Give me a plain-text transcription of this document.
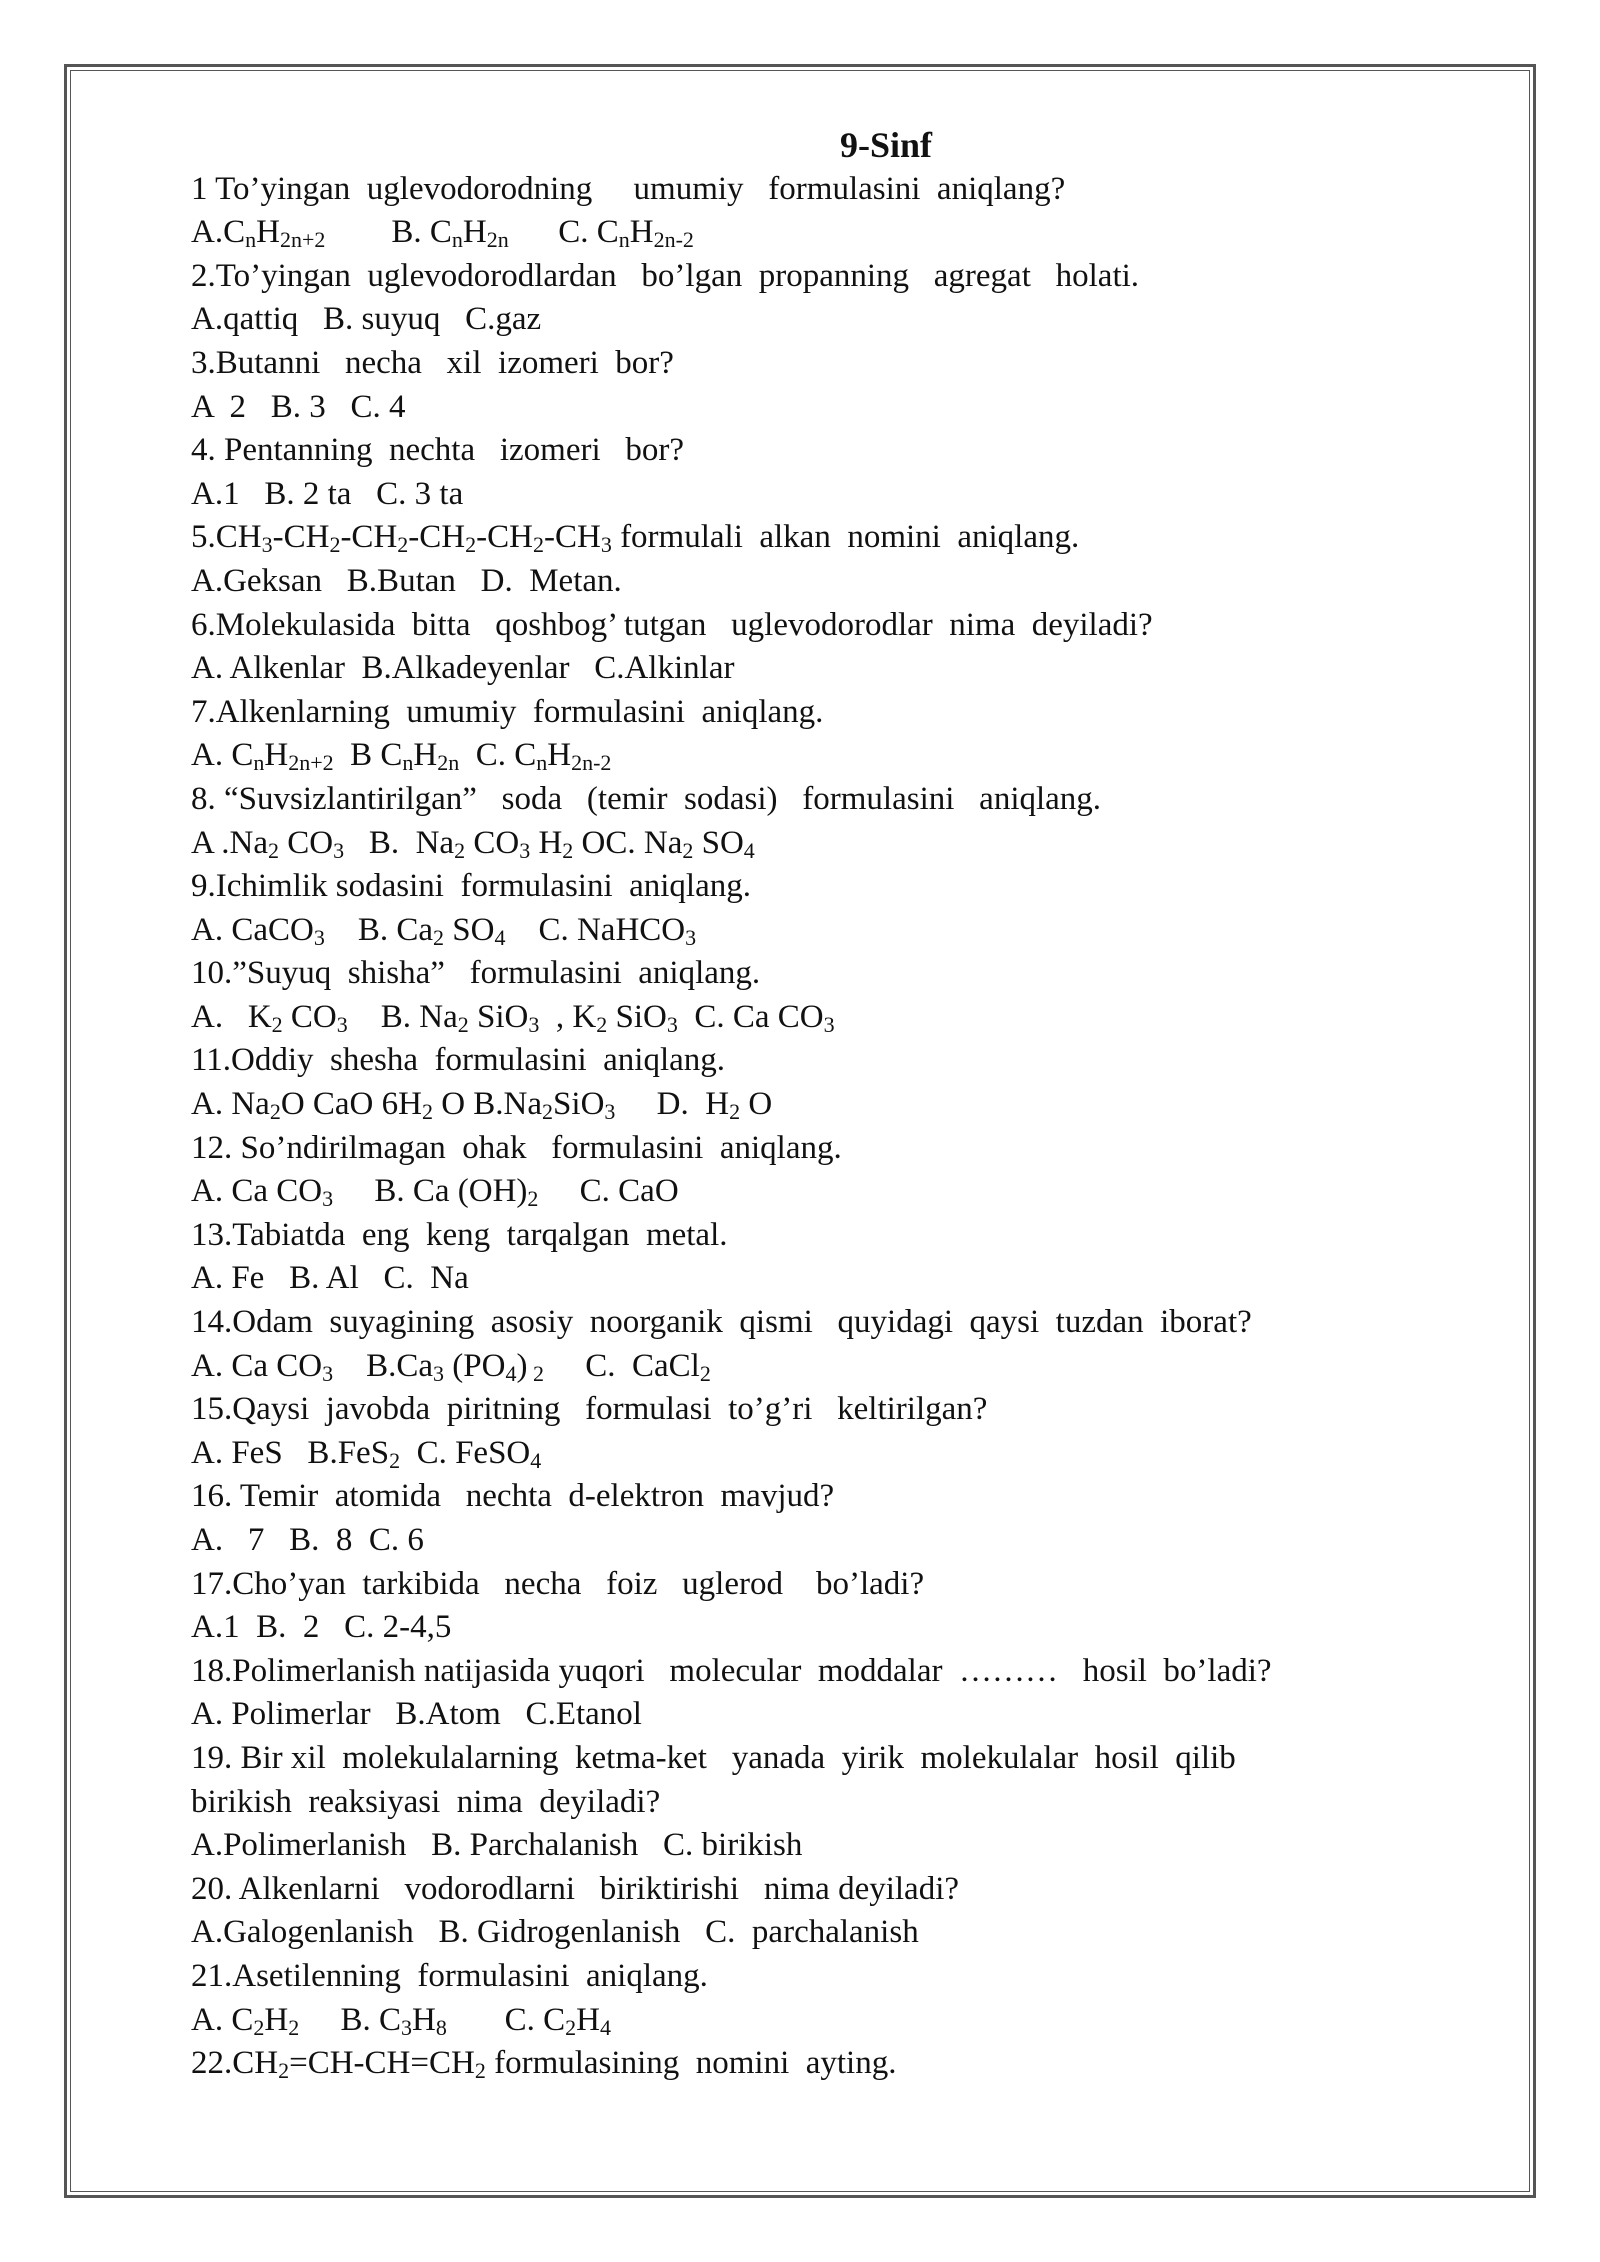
9-Sinf
1 To’yingan  uglevodorodning     umumiy   formulasini  aniqlang?
$A.C_nH_{2n+2}$        B. $C_nH_{2n}$      C. $C_nH_{2n-2}$
2.To’yingan  uglevodorodlardan   bo’lgan  propanning   agregat   holati.
A.qattiq   B. suyuq   C.gaz
3.Butanni   necha   xil  izomeri  bor?
A  2   B. 3   C. 4
4. Pentanning  nechta   izomeri   bor?
A.1   B. 2 ta   C. 3 ta
$5.CH_3-CH_2-CH_2-CH_2-CH_2-CH_3$ formulali  alkan  nomini  aniqlang.
A.Geksan   B.Butan   D.  Metan.
6.Molekulasida  bitta   qoshbog’ tutgan   uglevodorodlar  nima  deyiladi?
A. Alkenlar  B.Alkadeyenlar   C.Alkinlar
7.Alkenlarning  umumiy  formulasini  aniqlang.
A. $C_nH_{2n+2}$  B $C_nH_{2n}$  C. $C_nH_{2n-2}$
8. “Suvsizlantirilgan”   soda   (temir  sodasi)   formulasini   aniqlang.
A $.Na_2$ $CO_3$   B.  $Na_2$ $CO_3$ $H_2$ OC. $Na_2$ $SO_4$
9.Ichimlik sodasini  formulasini  aniqlang.
A. CaCO$_3$    B. $Ca_2$ $SO_4$    C. NaHCO$_3$
10.”Suyuq  shisha”   formulasini  aniqlang.
A.   $K_2$ $CO_3$    B. $Na_2$ SiO$_3$  , $K_2$ SiO$_3$  C. Ca $CO_3$
11.Oddiy  shesha  formulasini  aniqlang.
A. $Na_2O$ CaO $6H_2$ O $B.Na_2SiO_3$     D.  $H_2$ O
12. So’ndirilmagan  ohak   formulasini  aniqlang.
A. Ca $CO_3$     B. Ca $(OH)_2$     C. CaO
13.Tabiatda  eng  keng  tarqalgan  metal.
A. Fe   B. Al   C.  Na
14.Odam  suyagining  asosiy  noorganik  qismi   quyidagi  qaysi  tuzdan  iborat?
A. Ca $CO_3$    $B.Ca_3$ $(PO_4)$ $_2$     C.  CaCl$_2$
15.Qaysi  javobda  piritning   formulasi  to’g’ri   keltirilgan?
A. FeS   B.FeS$_2$  C. FeSO$_4$
16. Temir  atomida   nechta  d-elektron  mavjud?
A.   7   B.  8  C. 6
17.Cho’yan  tarkibida   necha   foiz   uglerod    bo’ladi?
A.1  B.  2   C. 2-4,5
18.Polimerlanish natijasida yuqori   molecular  moddalar  ………   hosil  bo’ladi?
A. Polimerlar   B.Atom   C.Etanol
19. Bir xil  molekulalarning  ketma-ket   yanada  yirik  molekulalar  hosil  qilib
birikish  reaksiyasi  nima  deyiladi?
A.Polimerlanish   B. Parchalanish   C. birikish
20. Alkenlarni   vodorodlarni   biriktirishi   nima deyiladi?
A.Galogenlanish   B. Gidrogenlanish   C.  parchalanish
21.Asetilenning  formulasini  aniqlang.
A. $C_2H_2$     B. $C_3H_8$       C. $C_2H_4$
$22.CH_2=CH-CH=CH_2$ formulasining  nomini  ayting.
